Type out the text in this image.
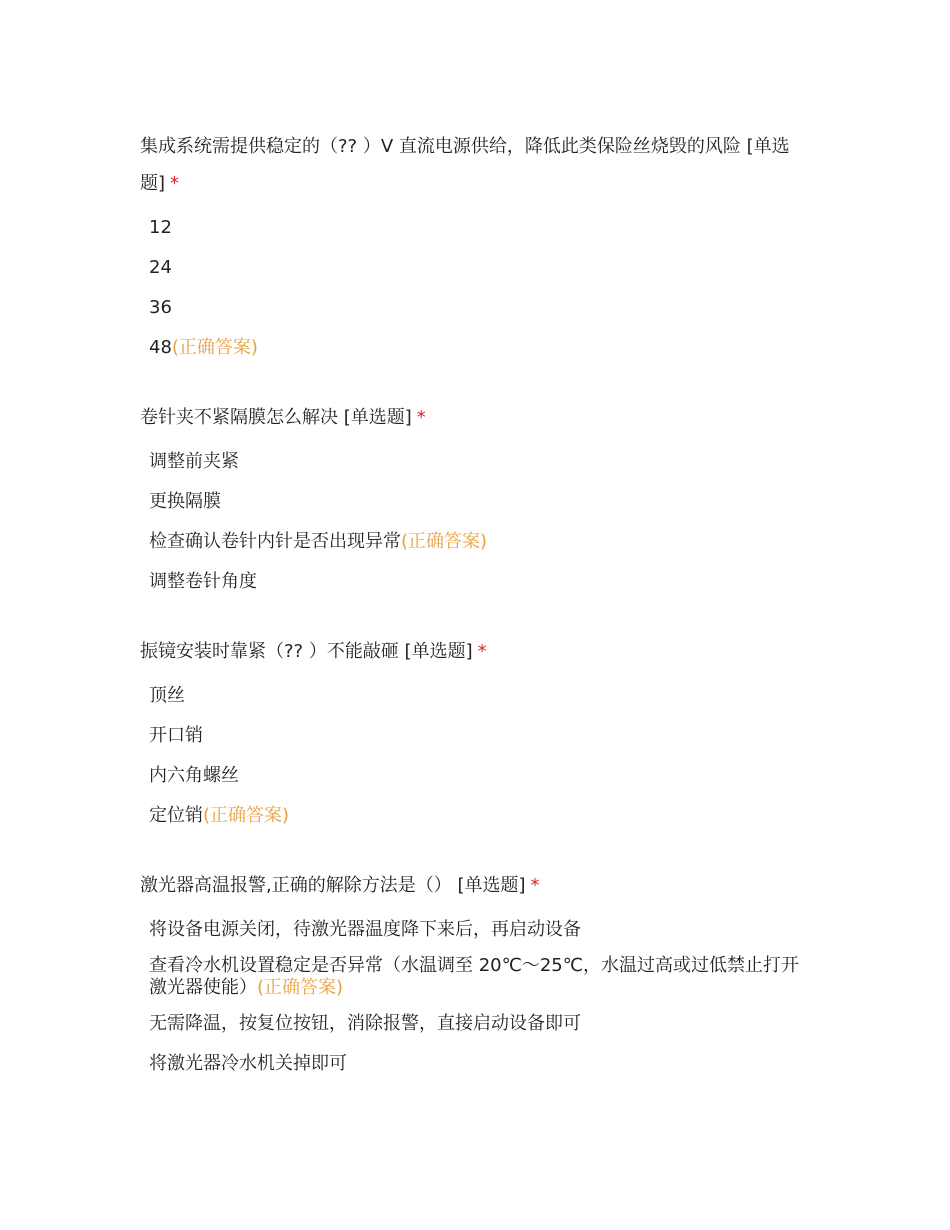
集成系统需提供稳定的（?? ）V 直流电源供给，降低此类保险丝烧毁的风险 [单选题] *
12
24
36
48(正确答案)
卷针夹不紧隔膜怎么解决 [单选题] *
调整前夹紧
更换隔膜
检查确认卷针内针是否出现异常(正确答案)
调整卷针角度
振镜安装时靠紧（?? ）不能敲砸 [单选题] *
顶丝
开口销
内六角螺丝
定位销(正确答案)
激光器高温报警,正确的解除方法是（） [单选题] *
将设备电源关闭，待激光器温度降下来后，再启动设备
查看冷水机设置稳定是否异常（水温调至 20℃～25℃，水温过高或过低禁止打开激光器使能）(正确答案)
无需降温，按复位按钮，消除报警，直接启动设备即可
将激光器冷水机关掉即可
